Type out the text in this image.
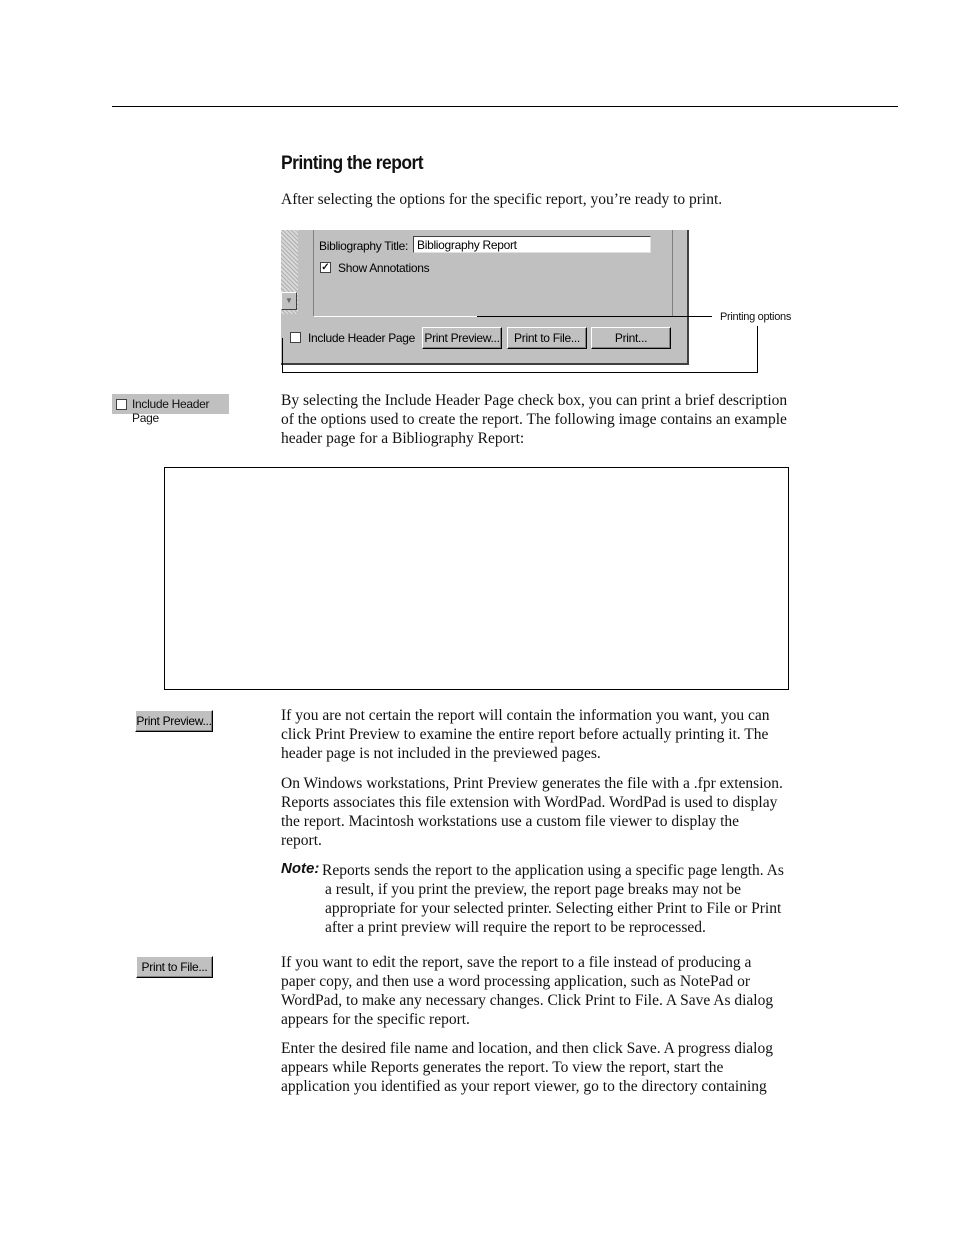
Printing the report

After selecting the options for the specific report, you’re ready to print.

▼
Bibliography Title: Bibliography Report
✓ Show Annotations
Include Header Page Print Preview...	Print to File...	Print...
Printing options
Include Header Page

By selecting the Include Header Page check box, you can print a brief description
of the options used to create the report. The following image contains an example
header page for a Bibliography Report:

Print Preview...	If you are not certain the report will contain the information you want, you can
click Print Preview to examine the entire report before actually printing it. The
header page is not included in the previewed pages.

On Windows workstations, Print Preview generates the file with a .fpr extension.
Reports associates this file extension with WordPad. WordPad is used to display
the report. Macintosh workstations use a custom file viewer to display the
report.

Note: Reports sends the report to the application using a specific page length. As
a result, if you print the preview, the report page breaks may not be
appropriate for your selected printer. Selecting either Print to File or Print
after a print preview will require the report to be reprocessed.

Print to File...	If you want to edit the report, save the report to a file instead of producing a
paper copy, and then use a word processing application, such as NotePad or
WordPad, to make any necessary changes. Click Print to File. A Save As dialog
appears for the specific report.

Enter the desired file name and location, and then click Save. A progress dialog
appears while Reports generates the report. To view the report, start the
application you identified as your report viewer, go to the directory containing
